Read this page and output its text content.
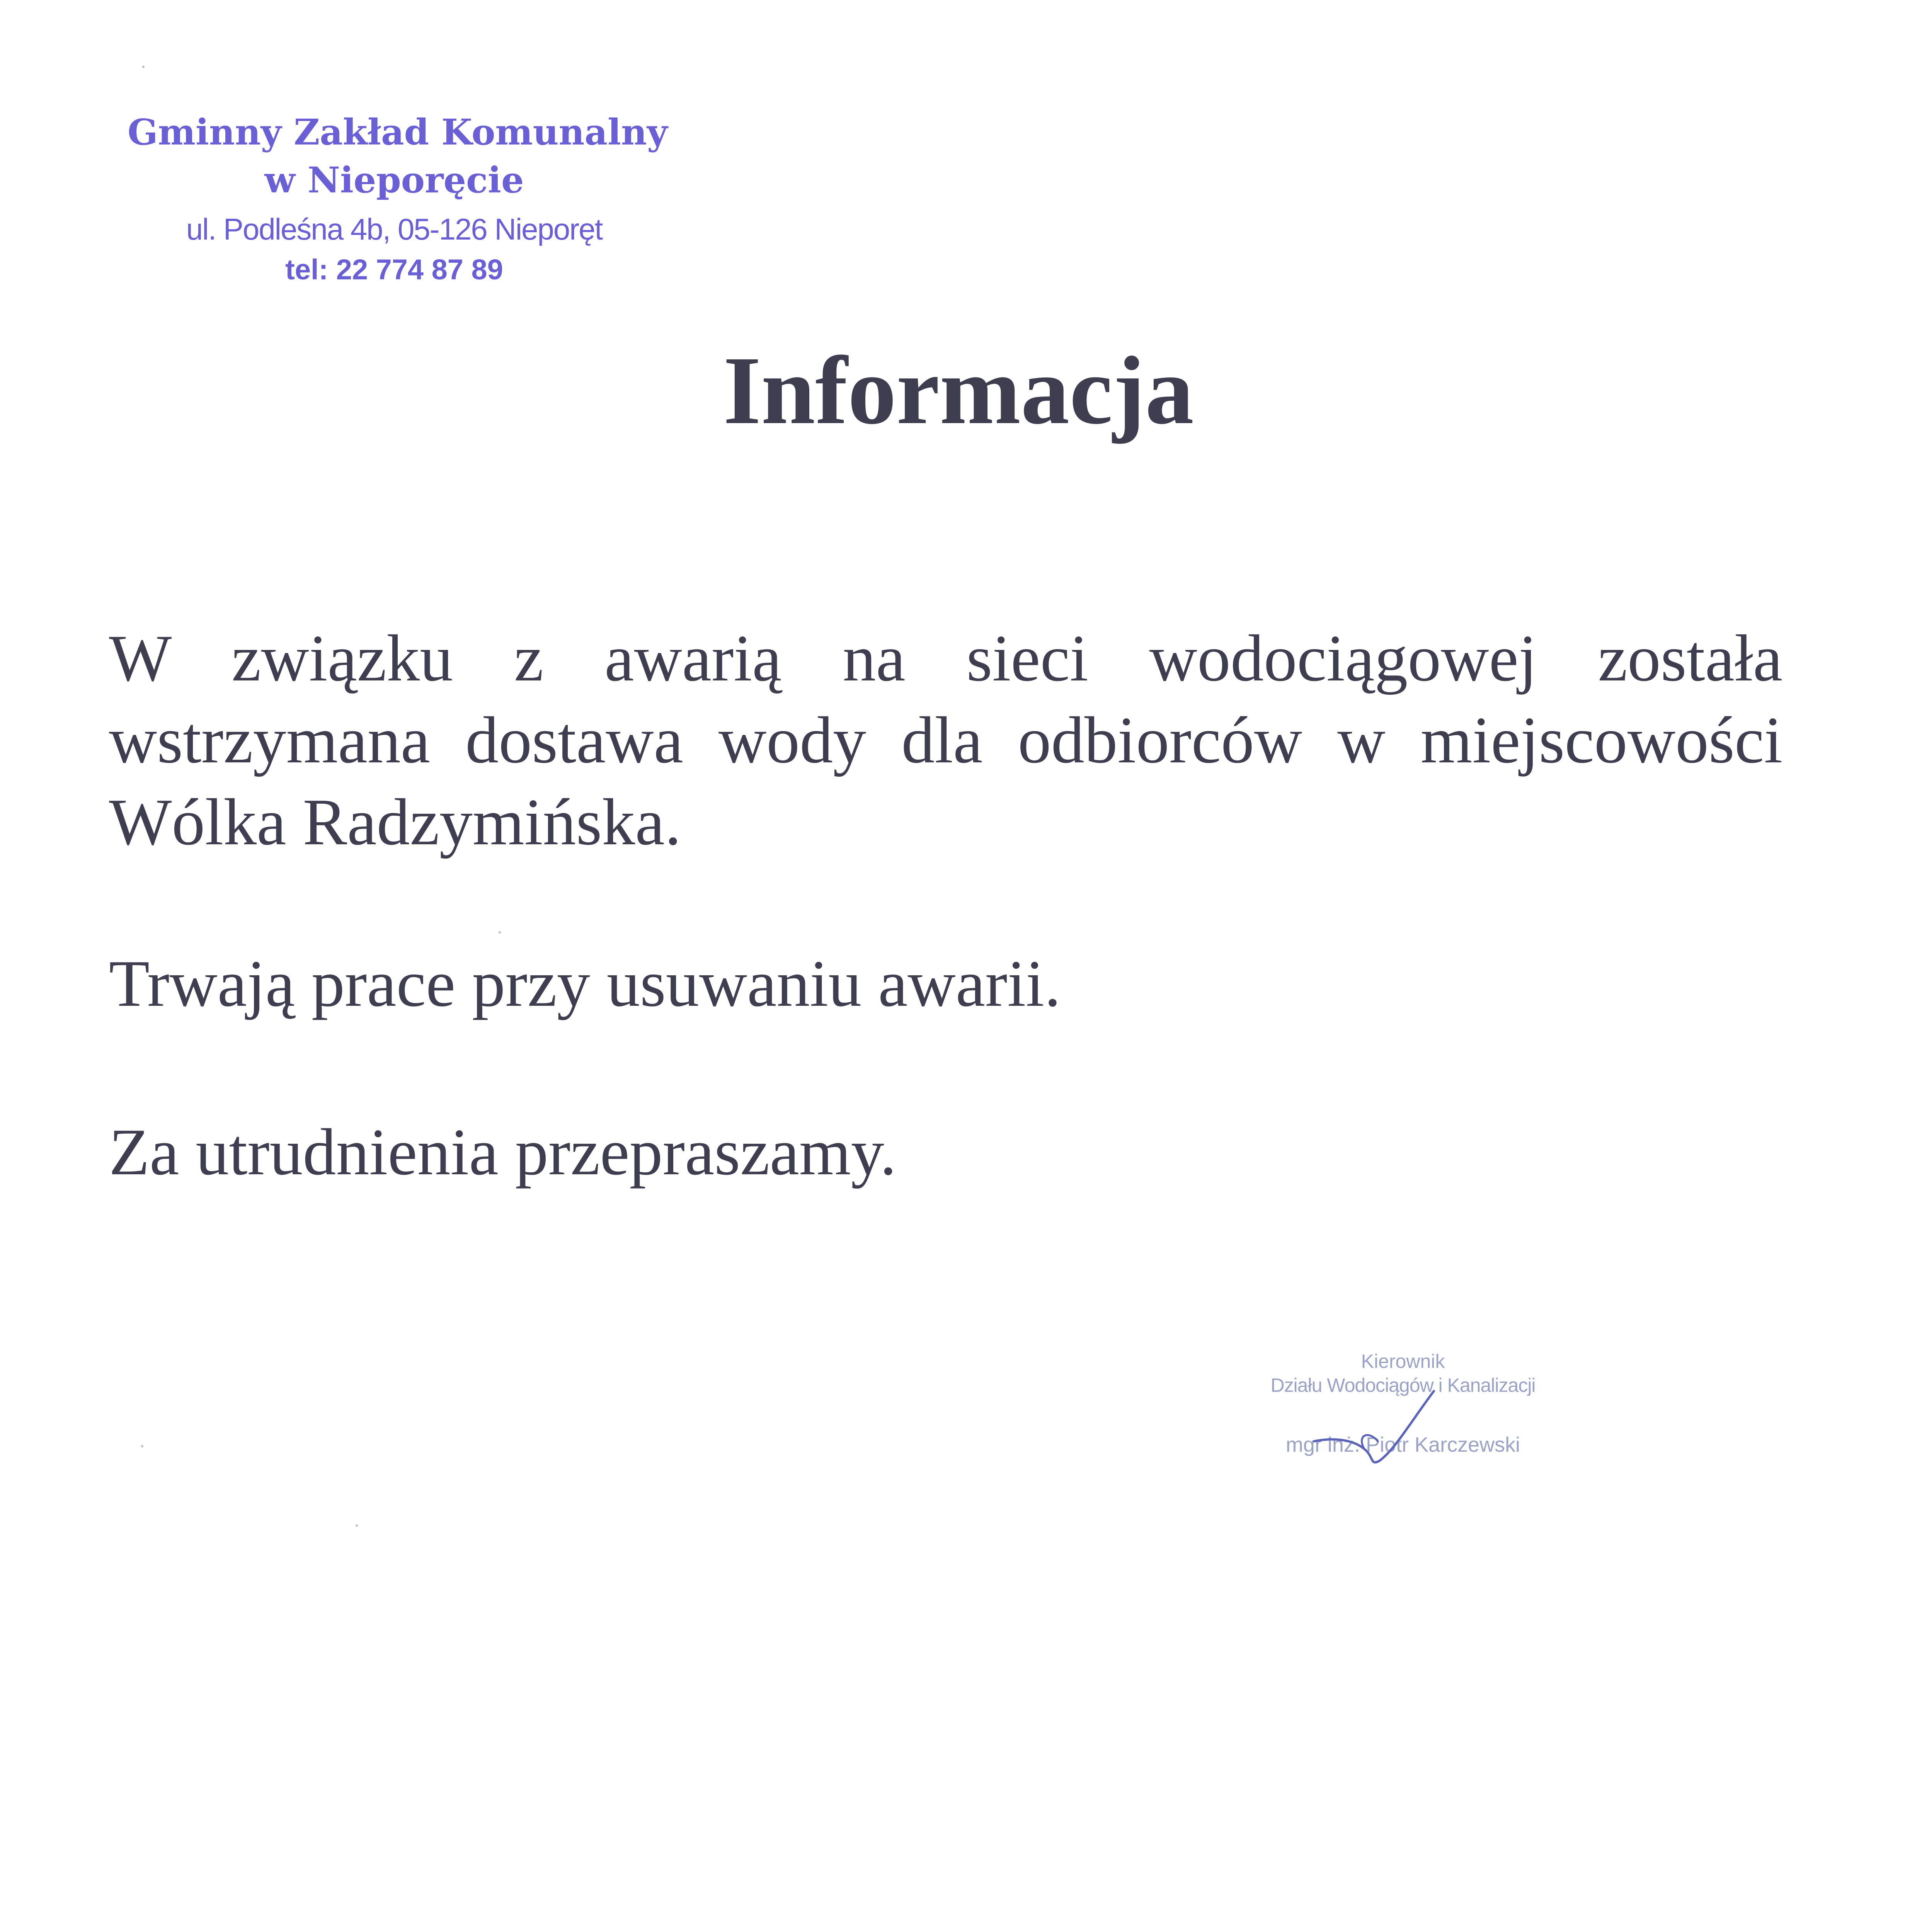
Gminny Zakład Komunalny
w Nieporęcie
ul. Podleśna 4b, 05-126 Nieporęt
tel: 22 774 87 89
Informacja
W związku z awarią na sieci wodociągowej została wstrzymana dostawa wody dla odbiorców w miejscowości Wólka Radzymińska.
Trwają prace przy usuwaniu awarii.
Za utrudnienia przepraszamy.
Kierownik
Działu Wodociągów i Kanalizacji
mgr inż. Piotr Karczewski
